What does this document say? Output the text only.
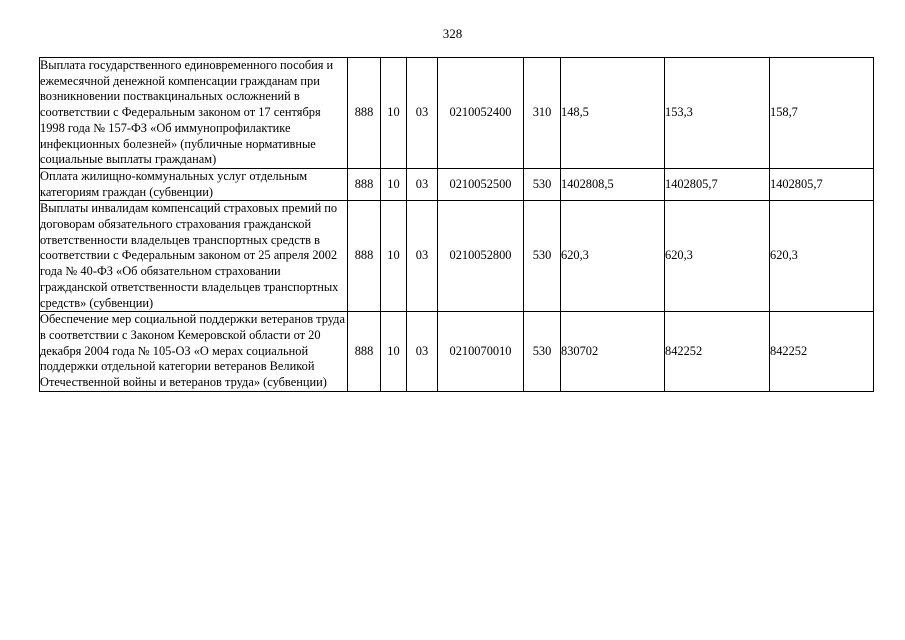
328
Выплата государственного единовременного пособия и ежемесячной денежной компенсации гражданам при возникновении поствакцинальных осложнений в соответствии с Федеральным законом от 17 сентября 1998 года № 157-ФЗ «Об иммунопрофилактике инфекционных болезней» (публичные нормативные социальные выплаты гражданам)	888	10	03	0210052400	310	148,5	153,3	158,7
Оплата жилищно-коммунальных услуг отдельным категориям граждан (субвенции)	888	10	03	0210052500	530	1402808,5	1402805,7	1402805,7
Выплаты инвалидам компенсаций страховых премий по договорам обязательного страхования гражданской ответственности владельцев транспортных средств в соответствии с Федеральным законом от 25 апреля 2002 года № 40-ФЗ «Об обязательном страховании гражданской ответственности владельцев транспортных средств» (субвенции)	888	10	03	0210052800	530	620,3	620,3	620,3
Обеспечение мер социальной поддержки ветеранов труда в соответствии с Законом Кемеровской области от 20 декабря 2004 года № 105-ОЗ «О мерах социальной поддержки отдельной категории ветеранов Великой Отечественной войны и ветеранов труда» (субвенции)	888	10	03	0210070010	530	830702	842252	842252
